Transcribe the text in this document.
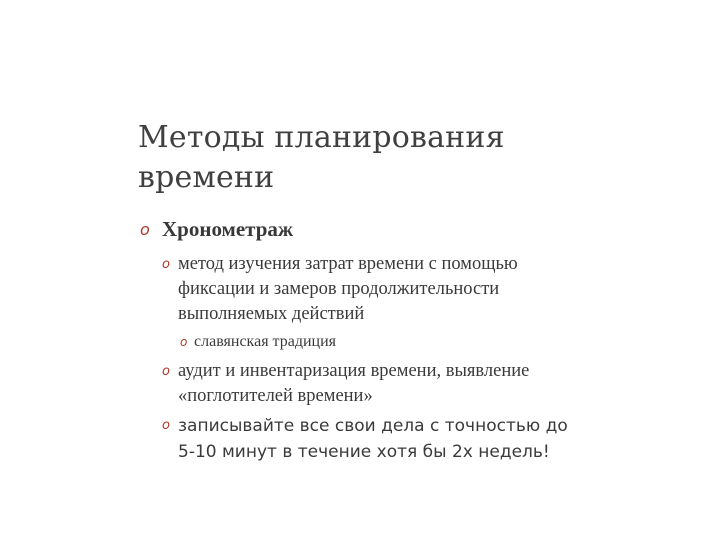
Методы планирования времени
o Хронометраж
o метод изучения затрат времени с помощью фиксации и замеров продолжительности выполняемых действий
o славянская традиция
o аудит и инвентаризация времени, выявление «поглотителей времени»
o записывайте все свои дела с точностью до 5-10 минут в течение хотя бы 2х недель!
